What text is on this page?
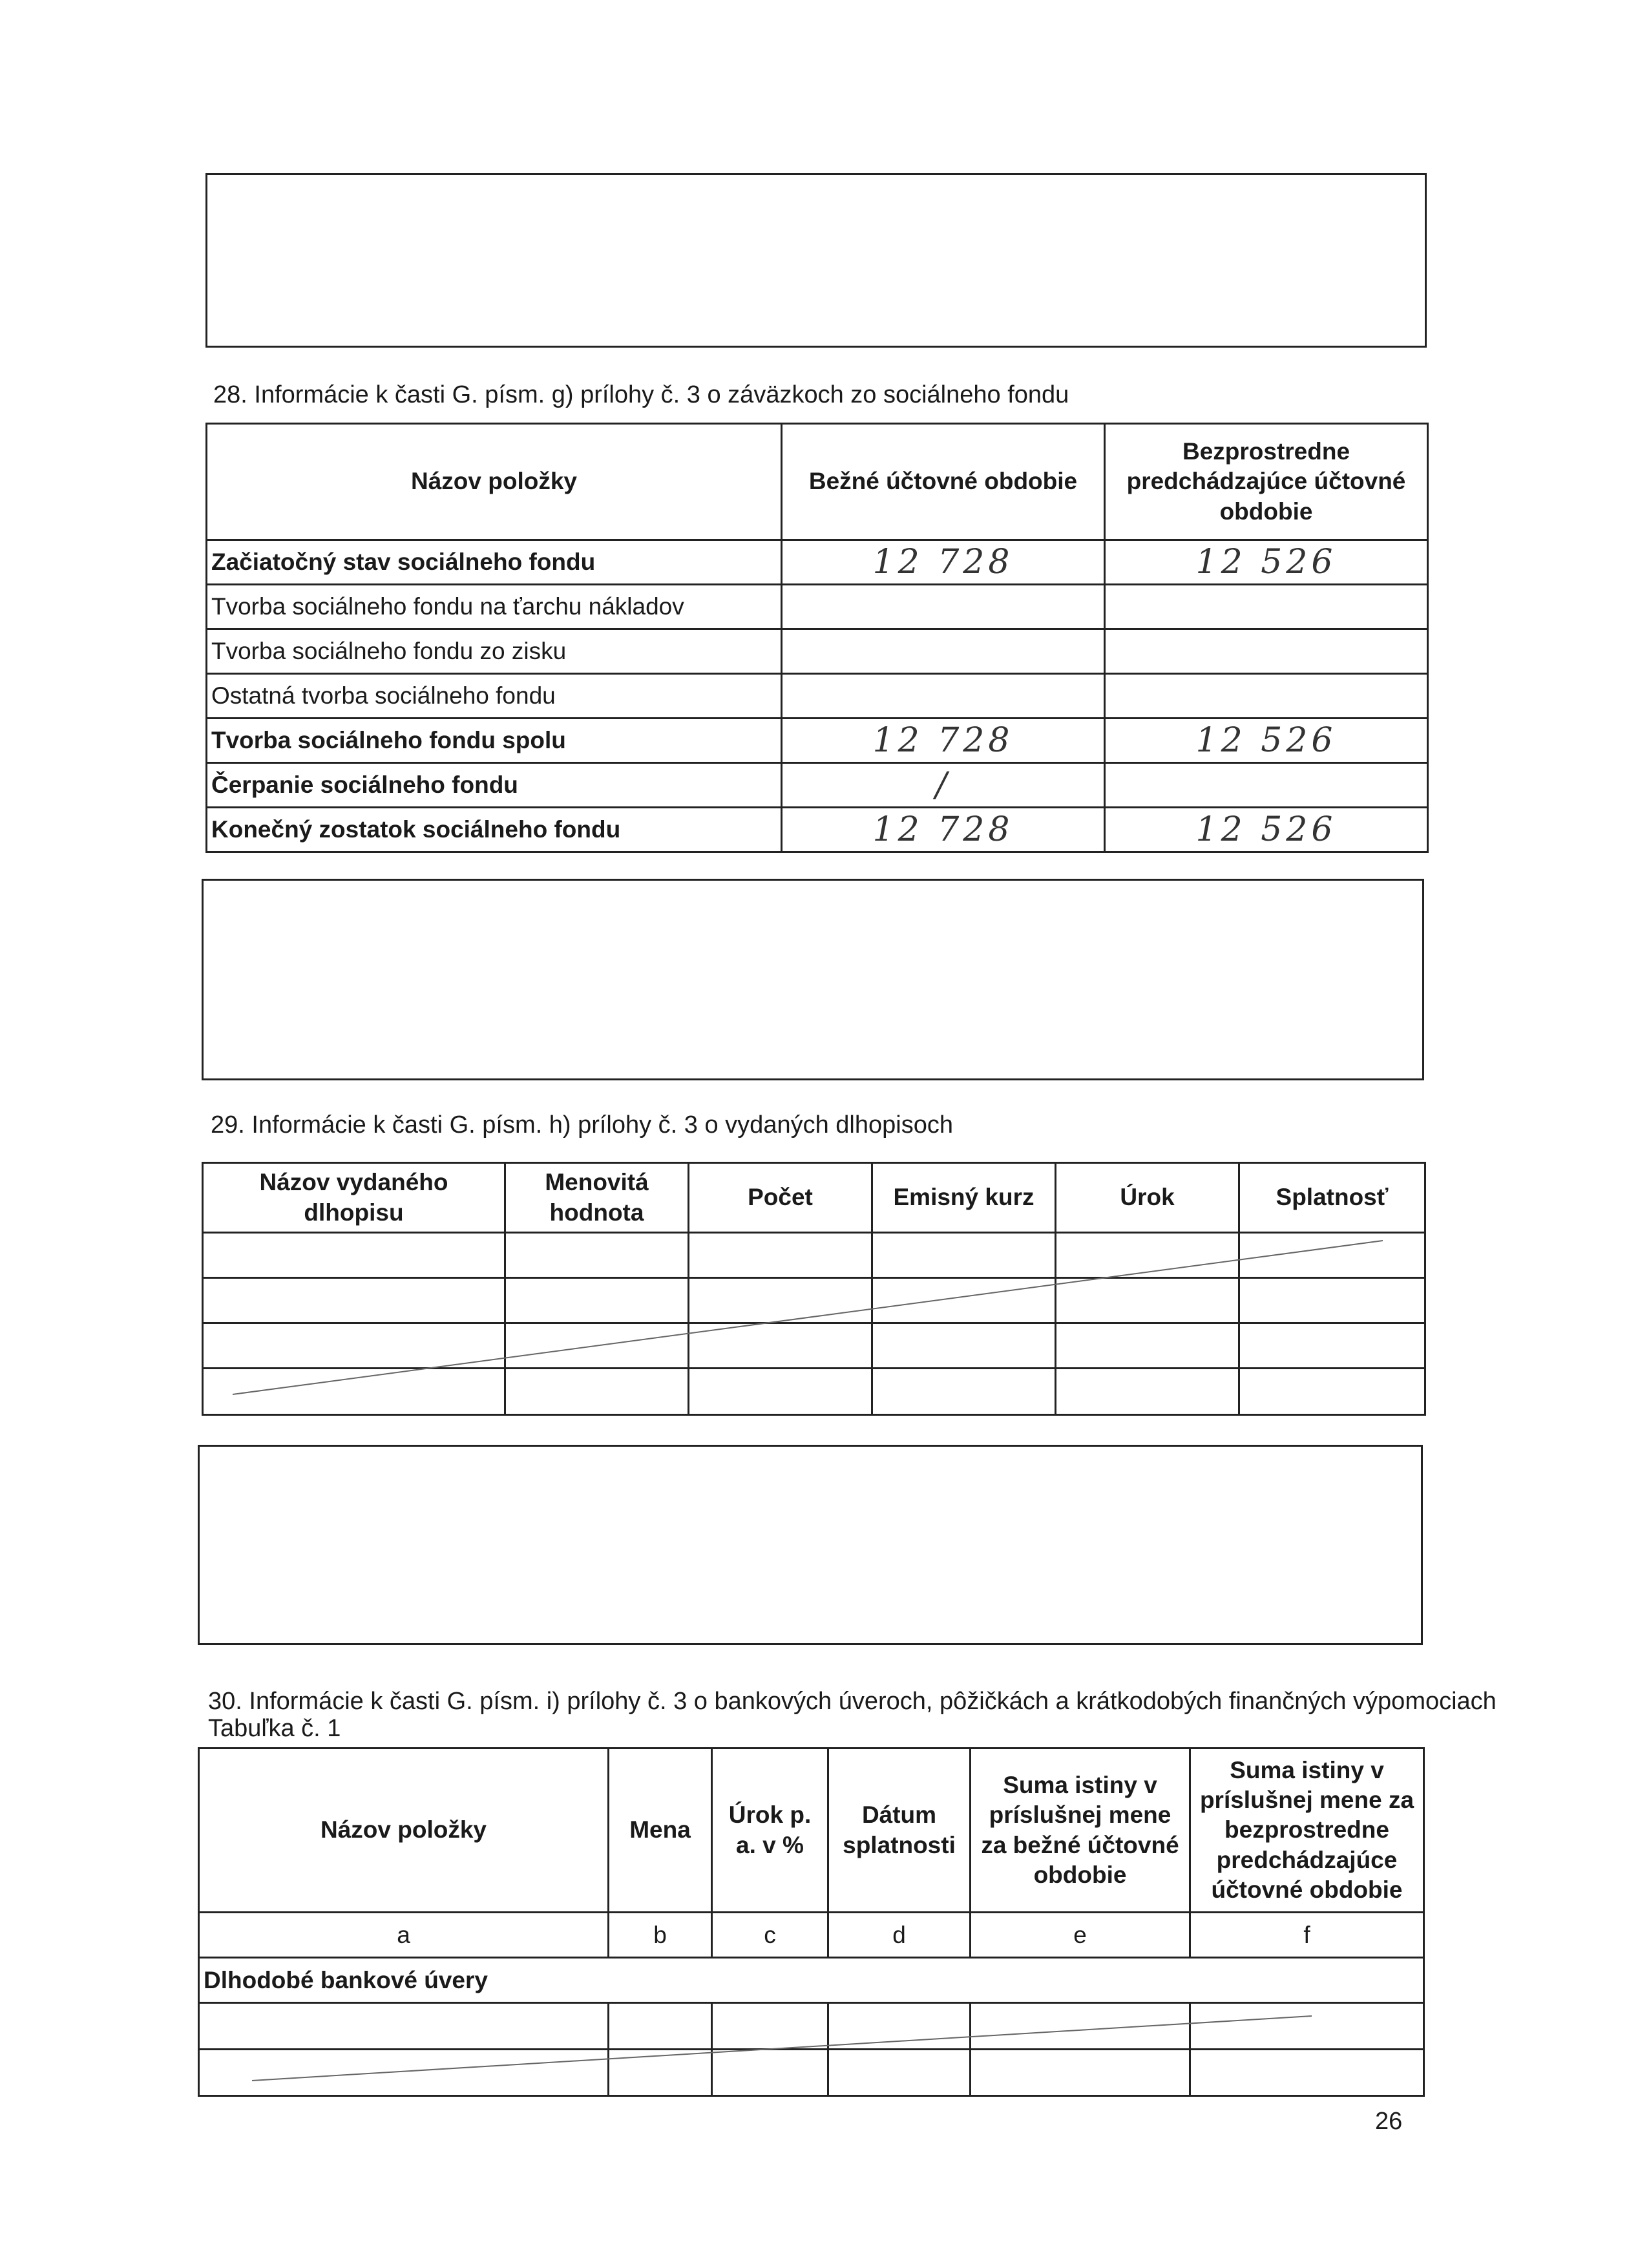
28. Informácie k časti G. písm. g) prílohy č. 3 o záväzkoch zo sociálneho fondu
Názov položky	Bežné účtovné obdobie	Bezprostredne predchádzajúce účtovné obdobie
Začiatočný stav sociálneho fondu	12 728	12 526
Tvorba sociálneho fondu na ťarchu nákladov		
Tvorba sociálneho fondu zo zisku		
Ostatná tvorba sociálneho fondu		
Tvorba sociálneho fondu spolu	12 728	12 526
Čerpanie sociálneho fondu	/	
Konečný zostatok sociálneho fondu	12 728	12 526
29. Informácie k časti G. písm. h) prílohy č. 3 o vydaných dlhopisoch
Názov vydaného dlhopisu	Menovitá hodnota	Počet	Emisný kurz	Úrok	Splatnosť

30. Informácie k časti G. písm. i) prílohy č. 3 o bankových úveroch, pôžičkách a krátkodobých finančných výpomociach
Tabuľka č. 1
Názov položky	Mena	Úrok p. a. v %	Dátum splatnosti	Suma istiny v príslušnej mene za bežné účtovné obdobie	Suma istiny v príslušnej mene za bezprostredne predchádzajúce účtovné obdobie
a	b	c	d	e	f
Dlhodobé bankové úvery					

26
